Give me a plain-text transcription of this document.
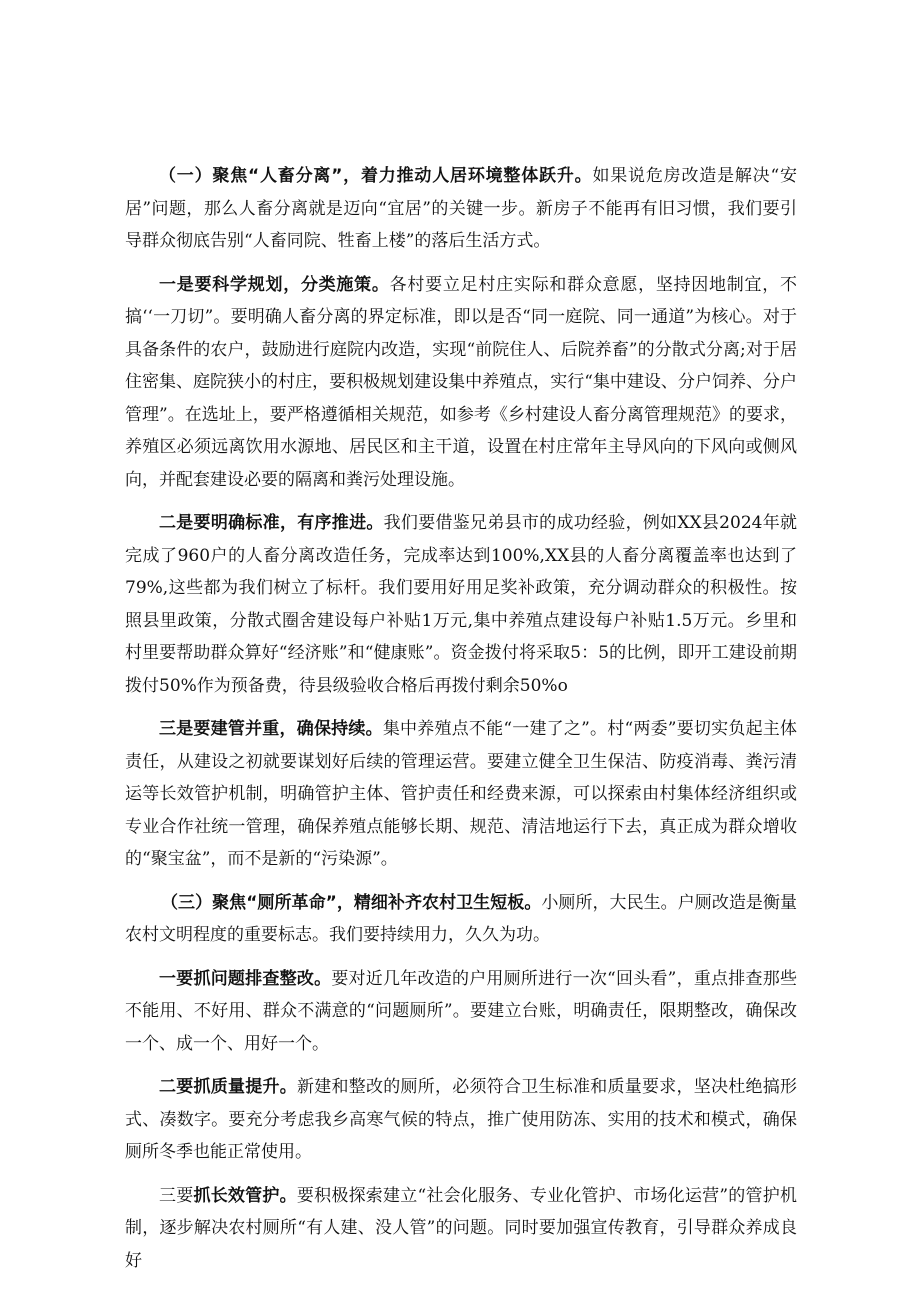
（一）聚焦“人畜分离”，着力推动人居环境整体跃升。如果说危房改造是解决“安居”问题，那么人畜分离就是迈向“宜居”的关键一步。新房子不能再有旧习惯，我们要引导群众彻底告别“人畜同院、牲畜上楼”的落后生活方式。

一是要科学规划，分类施策。各村要立足村庄实际和群众意愿，坚持因地制宜，不搞‘‘一刀切”。要明确人畜分离的界定标准，即以是否“同一庭院、同一通道”为核心。对于具备条件的农户，鼓励进行庭院内改造，实现“前院住人、后院养畜”的分散式分离;对于居住密集、庭院狭小的村庄，要积极规划建设集中养殖点，实行“集中建设、分户饲养、分户管理”。在选址上，要严格遵循相关规范，如参考《乡村建设人畜分离管理规范》的要求，养殖区必须远离饮用水源地、居民区和主干道，设置在村庄常年主导风向的下风向或侧风向，并配套建设必要的隔离和粪污处理设施。

二是要明确标准，有序推进。我们要借鉴兄弟县市的成功经验，例如XX县2024年就完成了960户的人畜分离改造任务，完成率达到100%,XX县的人畜分离覆盖率也达到了79%,这些都为我们树立了标杆。我们要用好用足奖补政策，充分调动群众的积极性。按照县里政策，分散式圈舍建设每户补贴1万元,集中养殖点建设每户补贴1.5万元。乡里和村里要帮助群众算好“经济账”和“健康账”。资金拨付将采取5：5的比例，即开工建设前期拨付50%作为预备费，待县级验收合格后再拨付剩余50%o

三是要建管并重，确保持续。集中养殖点不能“一建了之”。村“两委”要切实负起主体责任，从建设之初就要谋划好后续的管理运营。要建立健全卫生保洁、防疫消毒、粪污清运等长效管护机制，明确管护主体、管护责任和经费来源，可以探索由村集体经济组织或专业合作社统一管理，确保养殖点能够长期、规范、清洁地运行下去，真正成为群众增收的“聚宝盆”，而不是新的“污染源”。

（三）聚焦“厕所革命”，精细补齐农村卫生短板。小厕所，大民生。户厕改造是衡量农村文明程度的重要标志。我们要持续用力，久久为功。

一要抓问题排查整改。要对近几年改造的户用厕所进行一次“回头看”，重点排查那些不能用、不好用、群众不满意的“问题厕所”。要建立台账，明确责任，限期整改，确保改一个、成一个、用好一个。

二要抓质量提升。新建和整改的厕所，必须符合卫生标准和质量要求，坚决杜绝搞形式、凑数字。要充分考虑我乡高寒气候的特点，推广使用防冻、实用的技术和模式，确保厕所冬季也能正常使用。

三要抓长效管护。要积极探索建立“社会化服务、专业化管护、市场化运营”的管护机制，逐步解决农村厕所“有人建、没人管”的问题。同时要加强宣传教育，引导群众养成良好
